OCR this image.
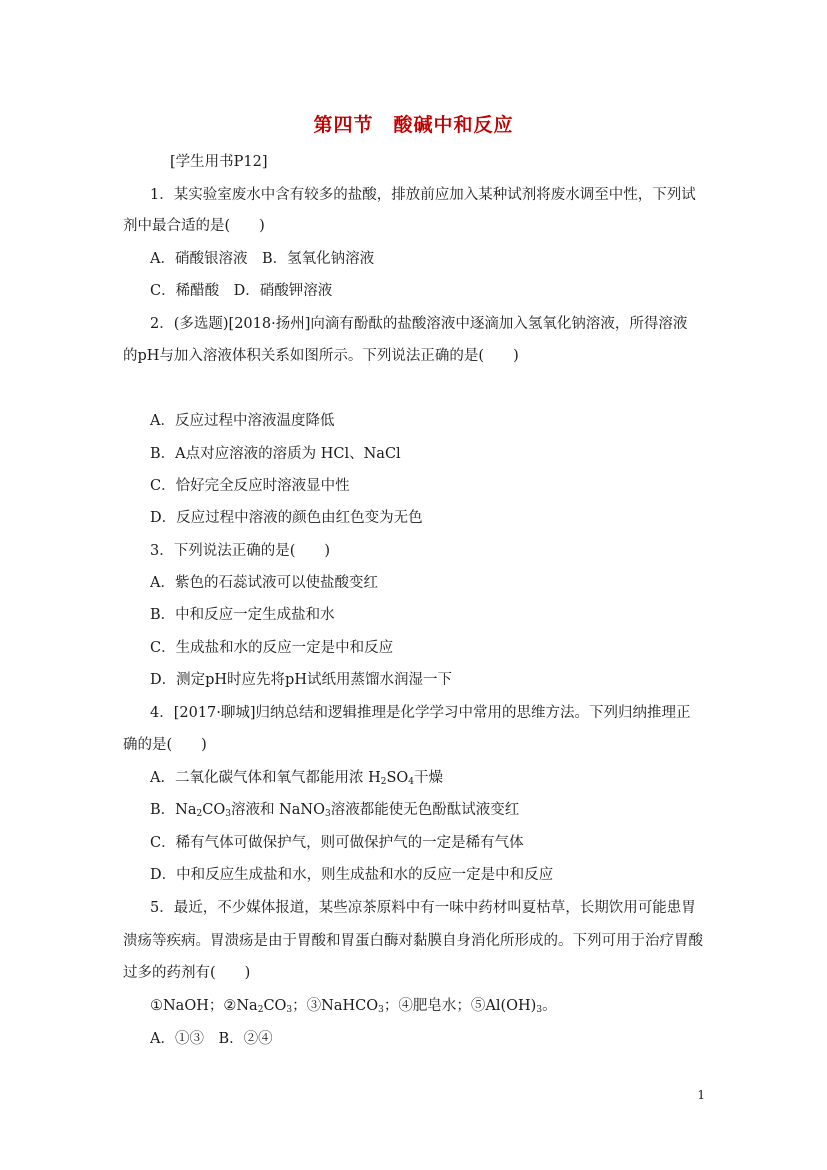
第四节　酸碱中和反应
[学生用书P12]
1．某实验室废水中含有较多的盐酸，排放前应加入某种试剂将废水调至中性，下列试
剂中最合适的是(　　)
A．硝酸银溶液　B．氢氧化钠溶液
C．稀醋酸　D．硝酸钾溶液
2．(多选题)[2018·扬州]向滴有酚酞的盐酸溶液中逐滴加入氢氧化钠溶液，所得溶液
的pH与加入溶液体积关系如图所示。下列说法正确的是(　　)
A．反应过程中溶液温度降低
B．A点对应溶液的溶质为 HCl、NaCl
C．恰好完全反应时溶液显中性
D．反应过程中溶液的颜色由红色变为无色
3．下列说法正确的是(　　)
A．紫色的石蕊试液可以使盐酸变红
B．中和反应一定生成盐和水
C．生成盐和水的反应一定是中和反应
D．测定pH时应先将pH试纸用蒸馏水润湿一下
4．[2017·聊城]归纳总结和逻辑推理是化学学习中常用的思维方法。下列归纳推理正
确的是(　　)
A．二氧化碳气体和氧气都能用浓 $H_2SO_4$干燥
B．$Na_2CO_3$溶液和 NaNO$_3$溶液都能使无色酚酞试液变红
C．稀有气体可做保护气，则可做保护气的一定是稀有气体
D．中和反应生成盐和水，则生成盐和水的反应一定是中和反应
5．最近，不少媒体报道，某些凉茶原料中有一味中药材叫夏枯草，长期饮用可能患胃
溃疡等疾病。胃溃疡是由于胃酸和胃蛋白酶对黏膜自身消化所形成的。下列可用于治疗胃酸
过多的药剂有(　　)
①NaOH；$②Na_2CO_3$；③NaHCO$_3$；④肥皂水；$⑤Al(OH)_3$。
A．①③　B．②④
1
